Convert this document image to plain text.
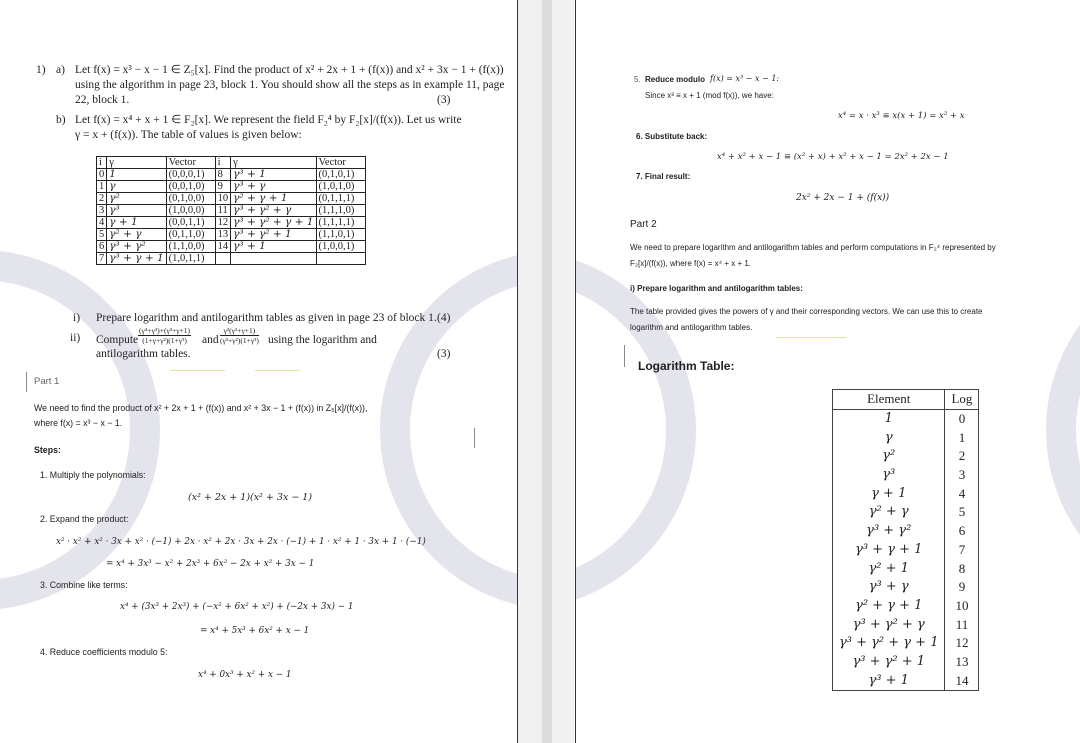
1) a) Let f(x) = x³ − x − 1 ∈ Z₅[x]. Find the product of x² + 2x + 1 + (f(x)) and x² + 3x − 1 + (f(x))
using the algorithm in page 23, block 1. You should show all the steps as in example 11, page
22, block 1.	(3)
b) Let f(x) = x⁴ + x + 1 ∈ F₂[x]. We represent the field F₂⁴ by F₂[x]/(f(x)). Let us write
γ = x + (f(x)). The table of values is given below:
i	γ	Vector	i	γ	Vector
0	1	(0,0,0,1)	8	γ³ + 1	(0,1,0,1)
1	γ	(0,0,1,0)	9	γ³ + γ	(1,0,1,0)
2	γ²	(0,1,0,0)	10	γ² + γ + 1	(0,1,1,1)
3	γ³	(1,0,0,0)	11	γ³ + γ² + γ	(1,1,1,0)
4	γ + 1	(0,0,1,1)	12	γ³ + γ² + γ + 1	(1,1,1,1)
5	γ² + γ	(0,1,1,0)	13	γ³ + γ² + 1	(1,1,0,1)
6	γ³ + γ²	(1,1,0,0)	14	γ³ + 1	(1,0,0,1)
7	γ³ + γ + 1	(1,0,1,1)			
i) Prepare logarithm and antilogarithm tables as given in page 23 of block 1. (4)
ii) Compute $\frac{\text{(γ⁴+γ²)+(γ³+γ+1)}}{\text{(1+γ+γ²)(1+γ³)}}$ and $\frac{\text{γ²(γ²+γ+1)}}{\text{(γ³+γ²)(1+γ³)}}$ using the logarithm and
antilogarithm tables.	(3)
Part 1
We need to find the product of x² + 2x + 1 + (f(x)) and x² + 3x − 1 + (f(x)) in Z₅[x]/(f(x)),
where f(x) = x³ − x − 1.
Steps:
1. Multiply the polynomials:
(x² + 2x + 1)(x² + 3x − 1)
2. Expand the product:
x² · x² + x² · 3x + x² · (−1) + 2x · x² + 2x · 3x + 2x · (−1) + 1 · x² + 1 · 3x + 1 · (−1)
= x⁴ + 3x³ − x² + 2x³ + 6x² − 2x + x² + 3x − 1
3. Combine like terms:
x⁴ + (3x³ + 2x³) + (−x² + 6x² + x²) + (−2x + 3x) − 1
= x⁴ + 5x³ + 6x² + x − 1
4. Reduce coefficients modulo 5:
x⁴ + 0x³ + x² + x − 1
5. Reduce modulo f(x) = x³ − x − 1:
Since x³ ≡ x + 1 (mod f(x)), we have:
x⁴ = x · x³ ≡ x(x + 1) = x² + x
6. Substitute back:
x⁴ + x² + x − 1 ≡ (x² + x) + x² + x − 1 = 2x² + 2x − 1
7. Final result:
2x² + 2x − 1 + (f(x))
Part 2
We need to prepare logarithm and antilogarithm tables and perform computations in F₂⁴ represented by
F₂[x]/(f(x)), where f(x) = x⁴ + x + 1.
i) Prepare logarithm and antilogarithm tables:
The table provided gives the powers of γ and their corresponding vectors. We can use this to create
logarithm and antilogarithm tables.
Logarithm Table:
Element	Log
1	0
γ	1
γ²	2
γ³	3
γ + 1	4
γ² + γ	5
γ³ + γ²	6
γ³ + γ + 1	7
γ² + 1	8
γ³ + γ	9
γ² + γ + 1	10
γ³ + γ² + γ	11
γ³ + γ² + γ + 1	12
γ³ + γ² + 1	13
γ³ + 1	14
